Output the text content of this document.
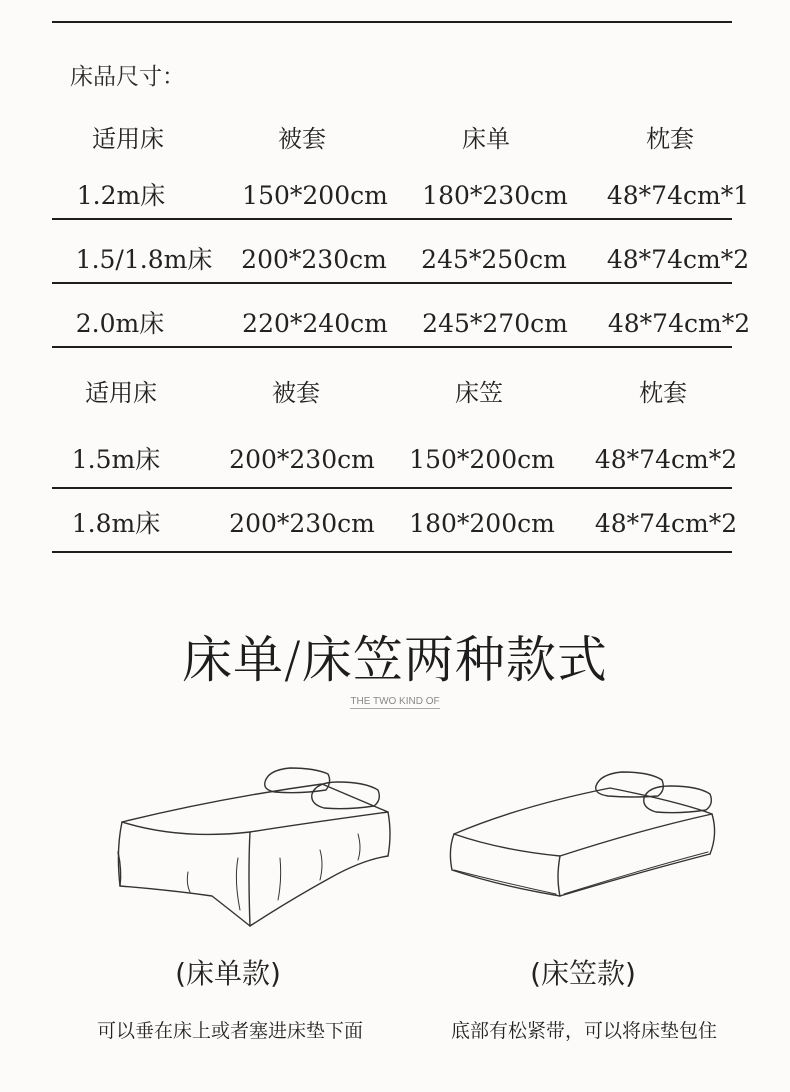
床品尺寸：
适用床	被套	床单	枕套
1.2m床	150*200cm 180*230cm 48*74cm*1
1.5/1.8m床 200*230cm 245*250cm 48*74cm*2
2.0m床	220*240cm 245*270cm 48*74cm*2
适用床	被套	床笠	枕套
1.5m床	200*230cm 150*200cm 48*74cm*2
1.8m床	200*230cm 180*200cm 48*74cm*2
床单/床笠两种款式
THE TWO KIND OF
(床单款)	(床笠款)
可以垂在床上或者塞进床垫下面	底部有松紧带，可以将床垫包住
